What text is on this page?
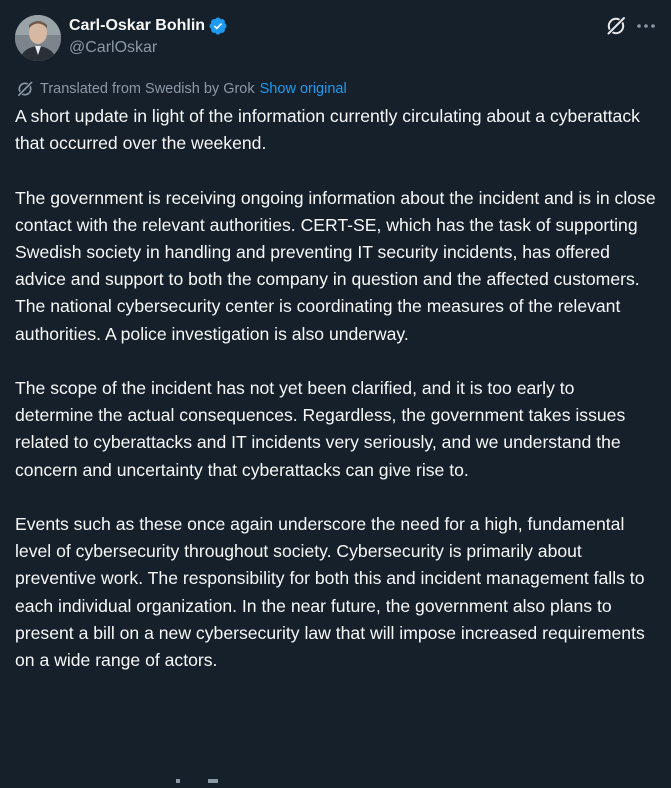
Carl-Oskar Bohlin
@CarlOskar
Translated from Swedish by Grok Show original

A short update in light of the information currently circulating about a cyberattack that occurred over the weekend.

The government is receiving ongoing information about the incident and is in close contact with the relevant authorities. CERT-SE, which has the task of supporting Swedish society in handling and preventing IT security incidents, has offered advice and support to both the company in question and the affected customers. The national cybersecurity center is coordinating the measures of the relevant authorities. A police investigation is also underway.

The scope of the incident has not yet been clarified, and it is too early to determine the actual consequences. Regardless, the government takes issues related to cyberattacks and IT incidents very seriously, and we understand the concern and uncertainty that cyberattacks can give rise to.

Events such as these once again underscore the need for a high, fundamental level of cybersecurity throughout society. Cybersecurity is primarily about preventive work. The responsibility for both this and incident management falls to each individual organization. In the near future, the government also plans to present a bill on a new cybersecurity law that will impose increased requirements on a wide range of actors.
